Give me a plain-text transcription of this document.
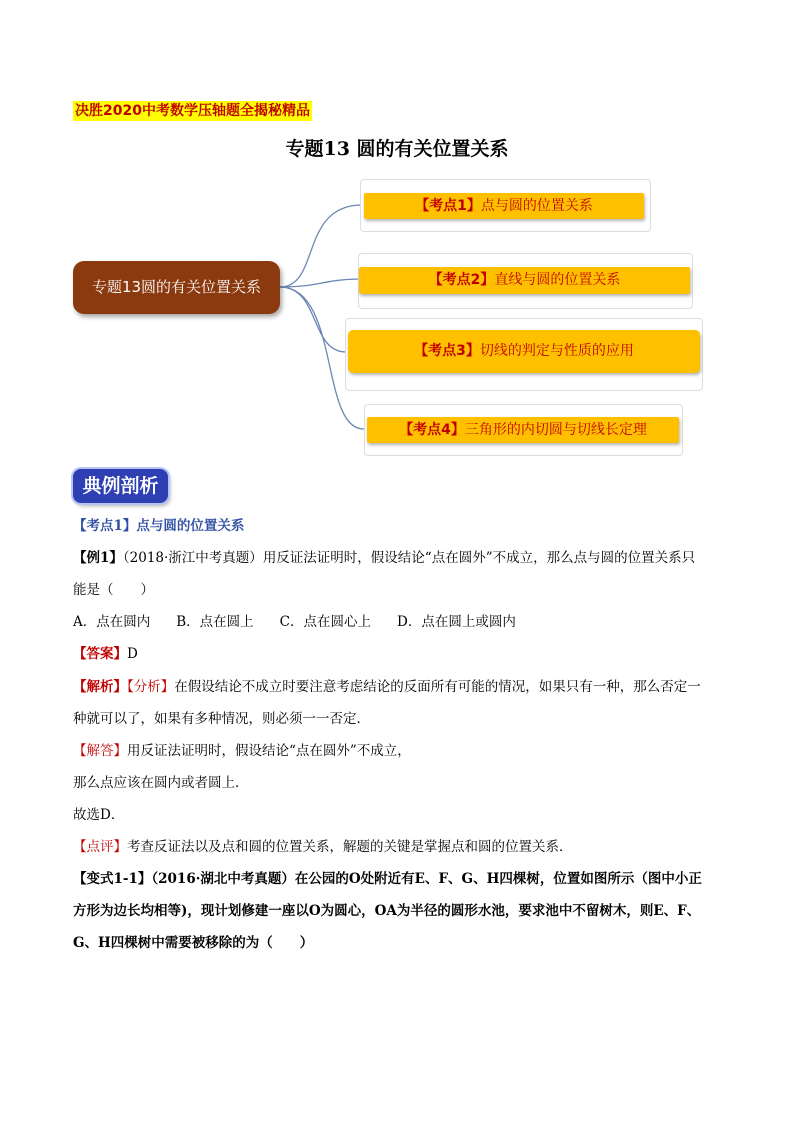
决胜2020中考数学压轴题全揭秘精品
专题13 圆的有关位置关系
专题13圆的有关位置关系
【考点1】点与圆的位置关系
【考点2】直线与圆的位置关系
【考点3】切线的判定与性质的应用
【考点4】三角形的内切圆与切线长定理
典例剖析
【考点1】点与圆的位置关系
【例1】（2018·浙江中考真题）用反证法证明时，假设结论“点在圆外”不成立，那么点与圆的位置关系只
能是（　　）
A．点在圆内 B．点在圆上 C．点在圆心上 D．点在圆上或圆内
【答案】D
【解析】【分析】在假设结论不成立时要注意考虑结论的反面所有可能的情况，如果只有一种，那么否定一
种就可以了，如果有多种情况，则必须一一否定．
【解答】用反证法证明时，假设结论“点在圆外”不成立，
那么点应该在圆内或者圆上．
故选D．
【点评】考查反证法以及点和圆的位置关系，解题的关键是掌握点和圆的位置关系．
【变式1-1】（2016·湖北中考真题）在公园的O处附近有E、F、G、H四棵树，位置如图所示（图中小正
方形为边长均相等)，现计划修建一座以O为圆心，OA为半径的圆形水池，要求池中不留树木，则E、F、
G、H四棵树中需要被移除的为（　　）
